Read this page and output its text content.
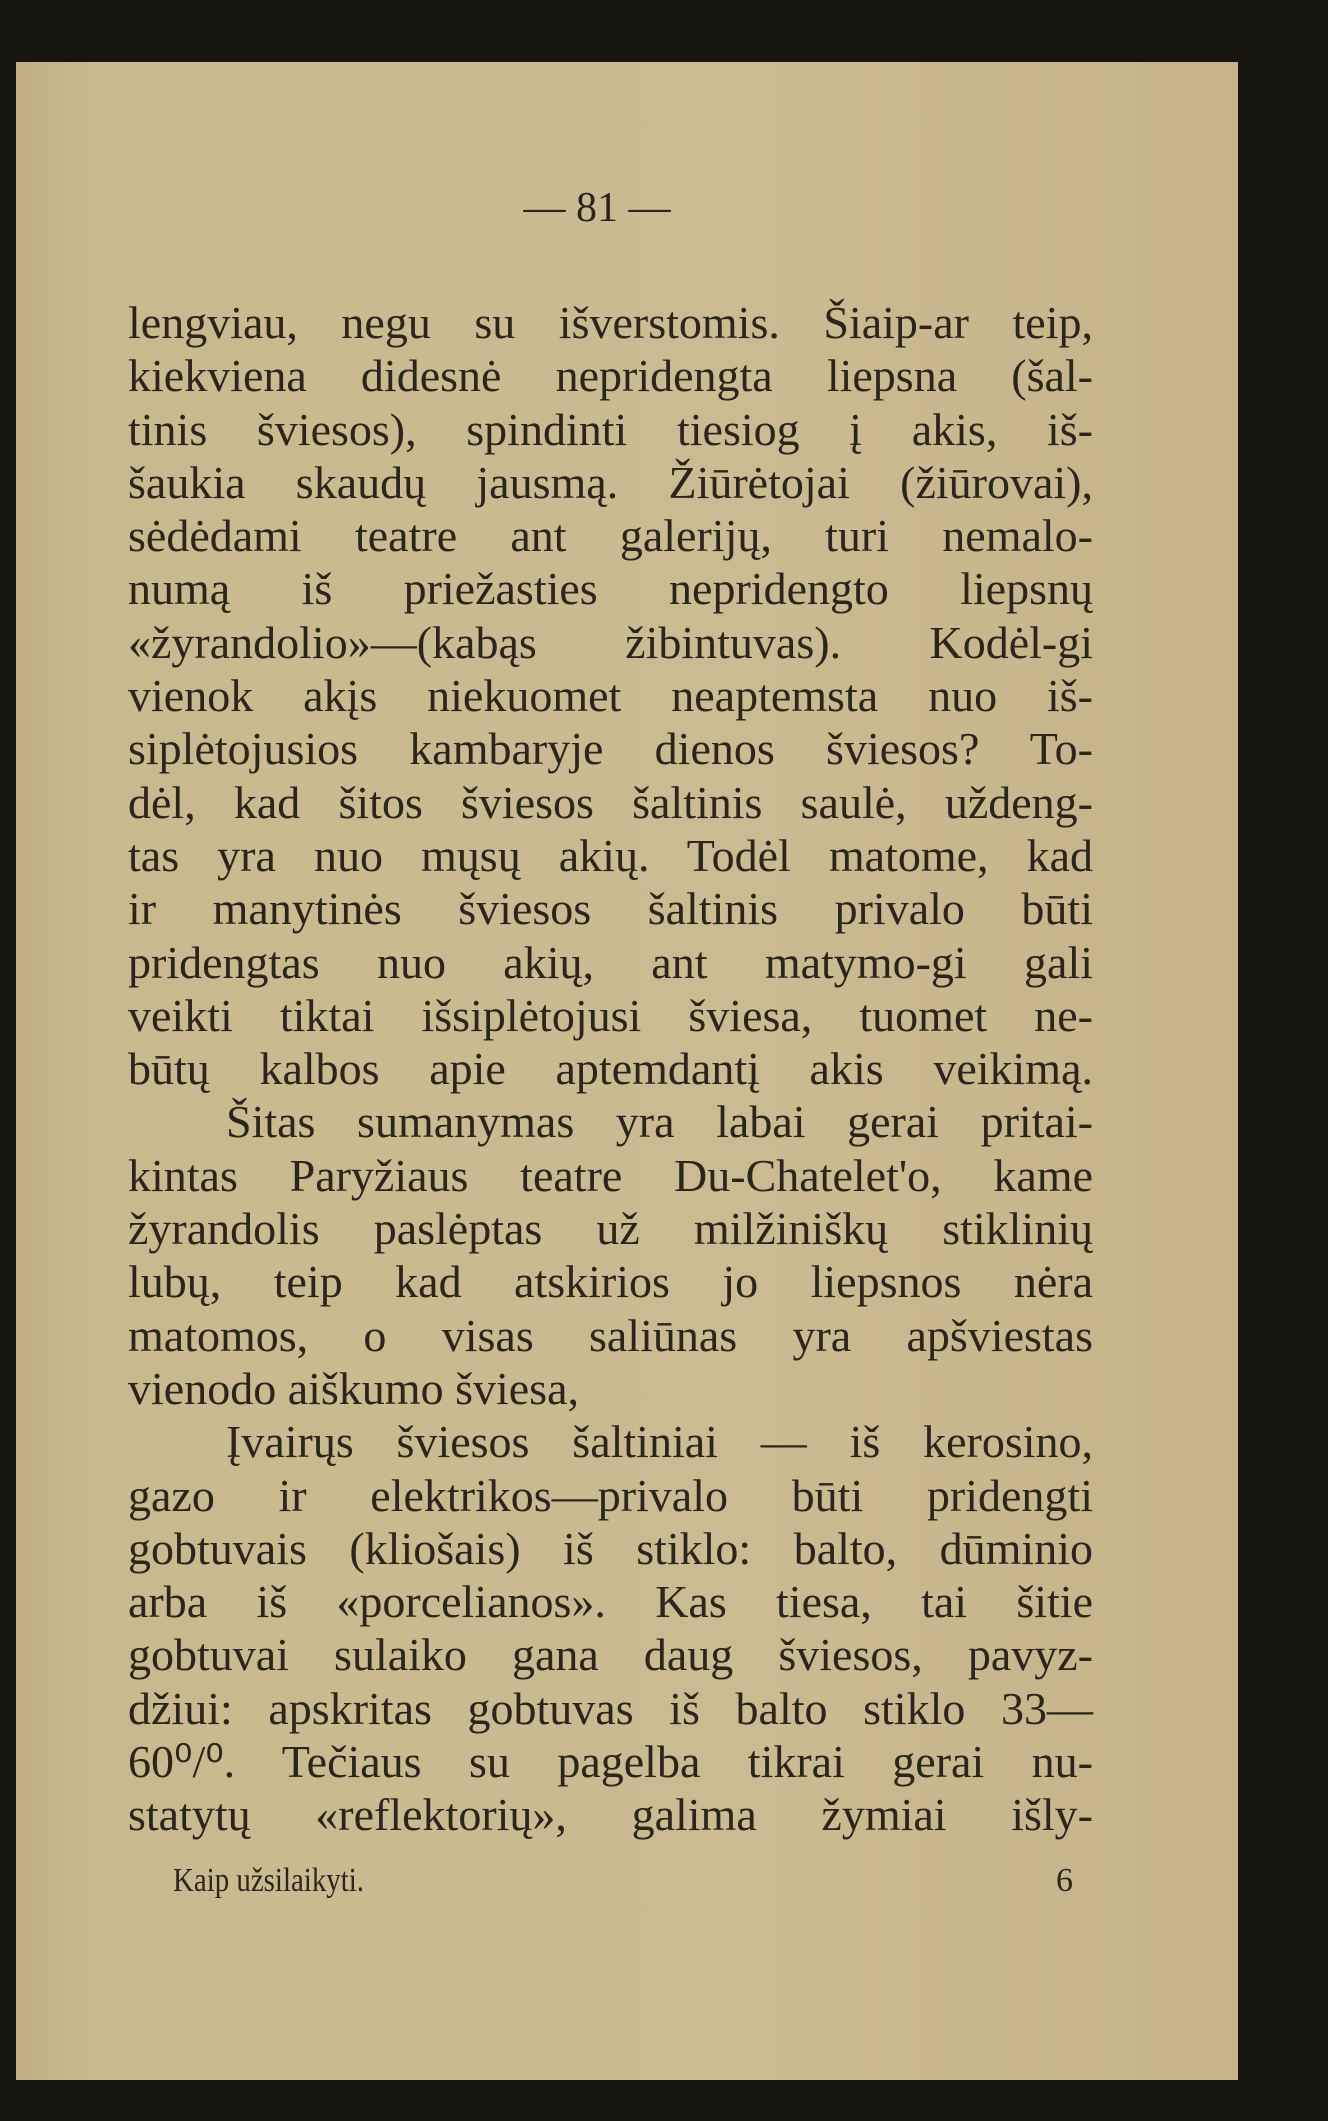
— 81 —
lengviau, negu su išverstomis. Šiaip-ar teip,
kiekviena didesnė nepridengta liepsna (šal-
tinis šviesos), spindinti tiesiog į akis, iš-
šaukia skaudų jausmą. Žiūrėtojai (žiūrovai),
sėdėdami teatre ant galerijų, turi nemalo-
numą iš priežasties nepridengto liepsnų
«žyrandolio»—(kabąs žibintuvas). Kodėl-gi
vienok akįs niekuomet neaptemsta nuo iš-
siplėtojusios kambaryje dienos šviesos? To-
dėl, kad šitos šviesos šaltinis saulė, uždeng-
tas yra nuo mųsų akių. Todėl matome, kad
ir manytinės šviesos šaltinis privalo būti
pridengtas nuo akių, ant matymo-gi gali
veikti tiktai išsiplėtojusi šviesa, tuomet ne-
būtų kalbos apie aptemdantį akis veikimą.
Šitas sumanymas yra labai gerai pritai-
kintas Paryžiaus teatre Du-Chatelet'o, kame
žyrandolis paslėptas už milžiniškų stiklinių
lubų, teip kad atskirios jo liepsnos nėra
matomos, o visas saliūnas yra apšviestas
vienodo aiškumo šviesa,
Įvairųs šviesos šaltiniai — iš kerosino,
gazo ir elektrikos—privalo būti pridengti
gobtuvais (kliošais) iš stiklo: balto, dūminio
arba iš «porcelianos». Kas tiesa, tai šitie
gobtuvai sulaiko gana daug šviesos, pavyz-
džiui: apskritas gobtuvas iš balto stiklo 33—
60⁰/⁰. Tečiaus su pagelba tikrai gerai nu-
statytų «reflektorių», galima žymiai išly-
Kaip užsilaikyti.	6
